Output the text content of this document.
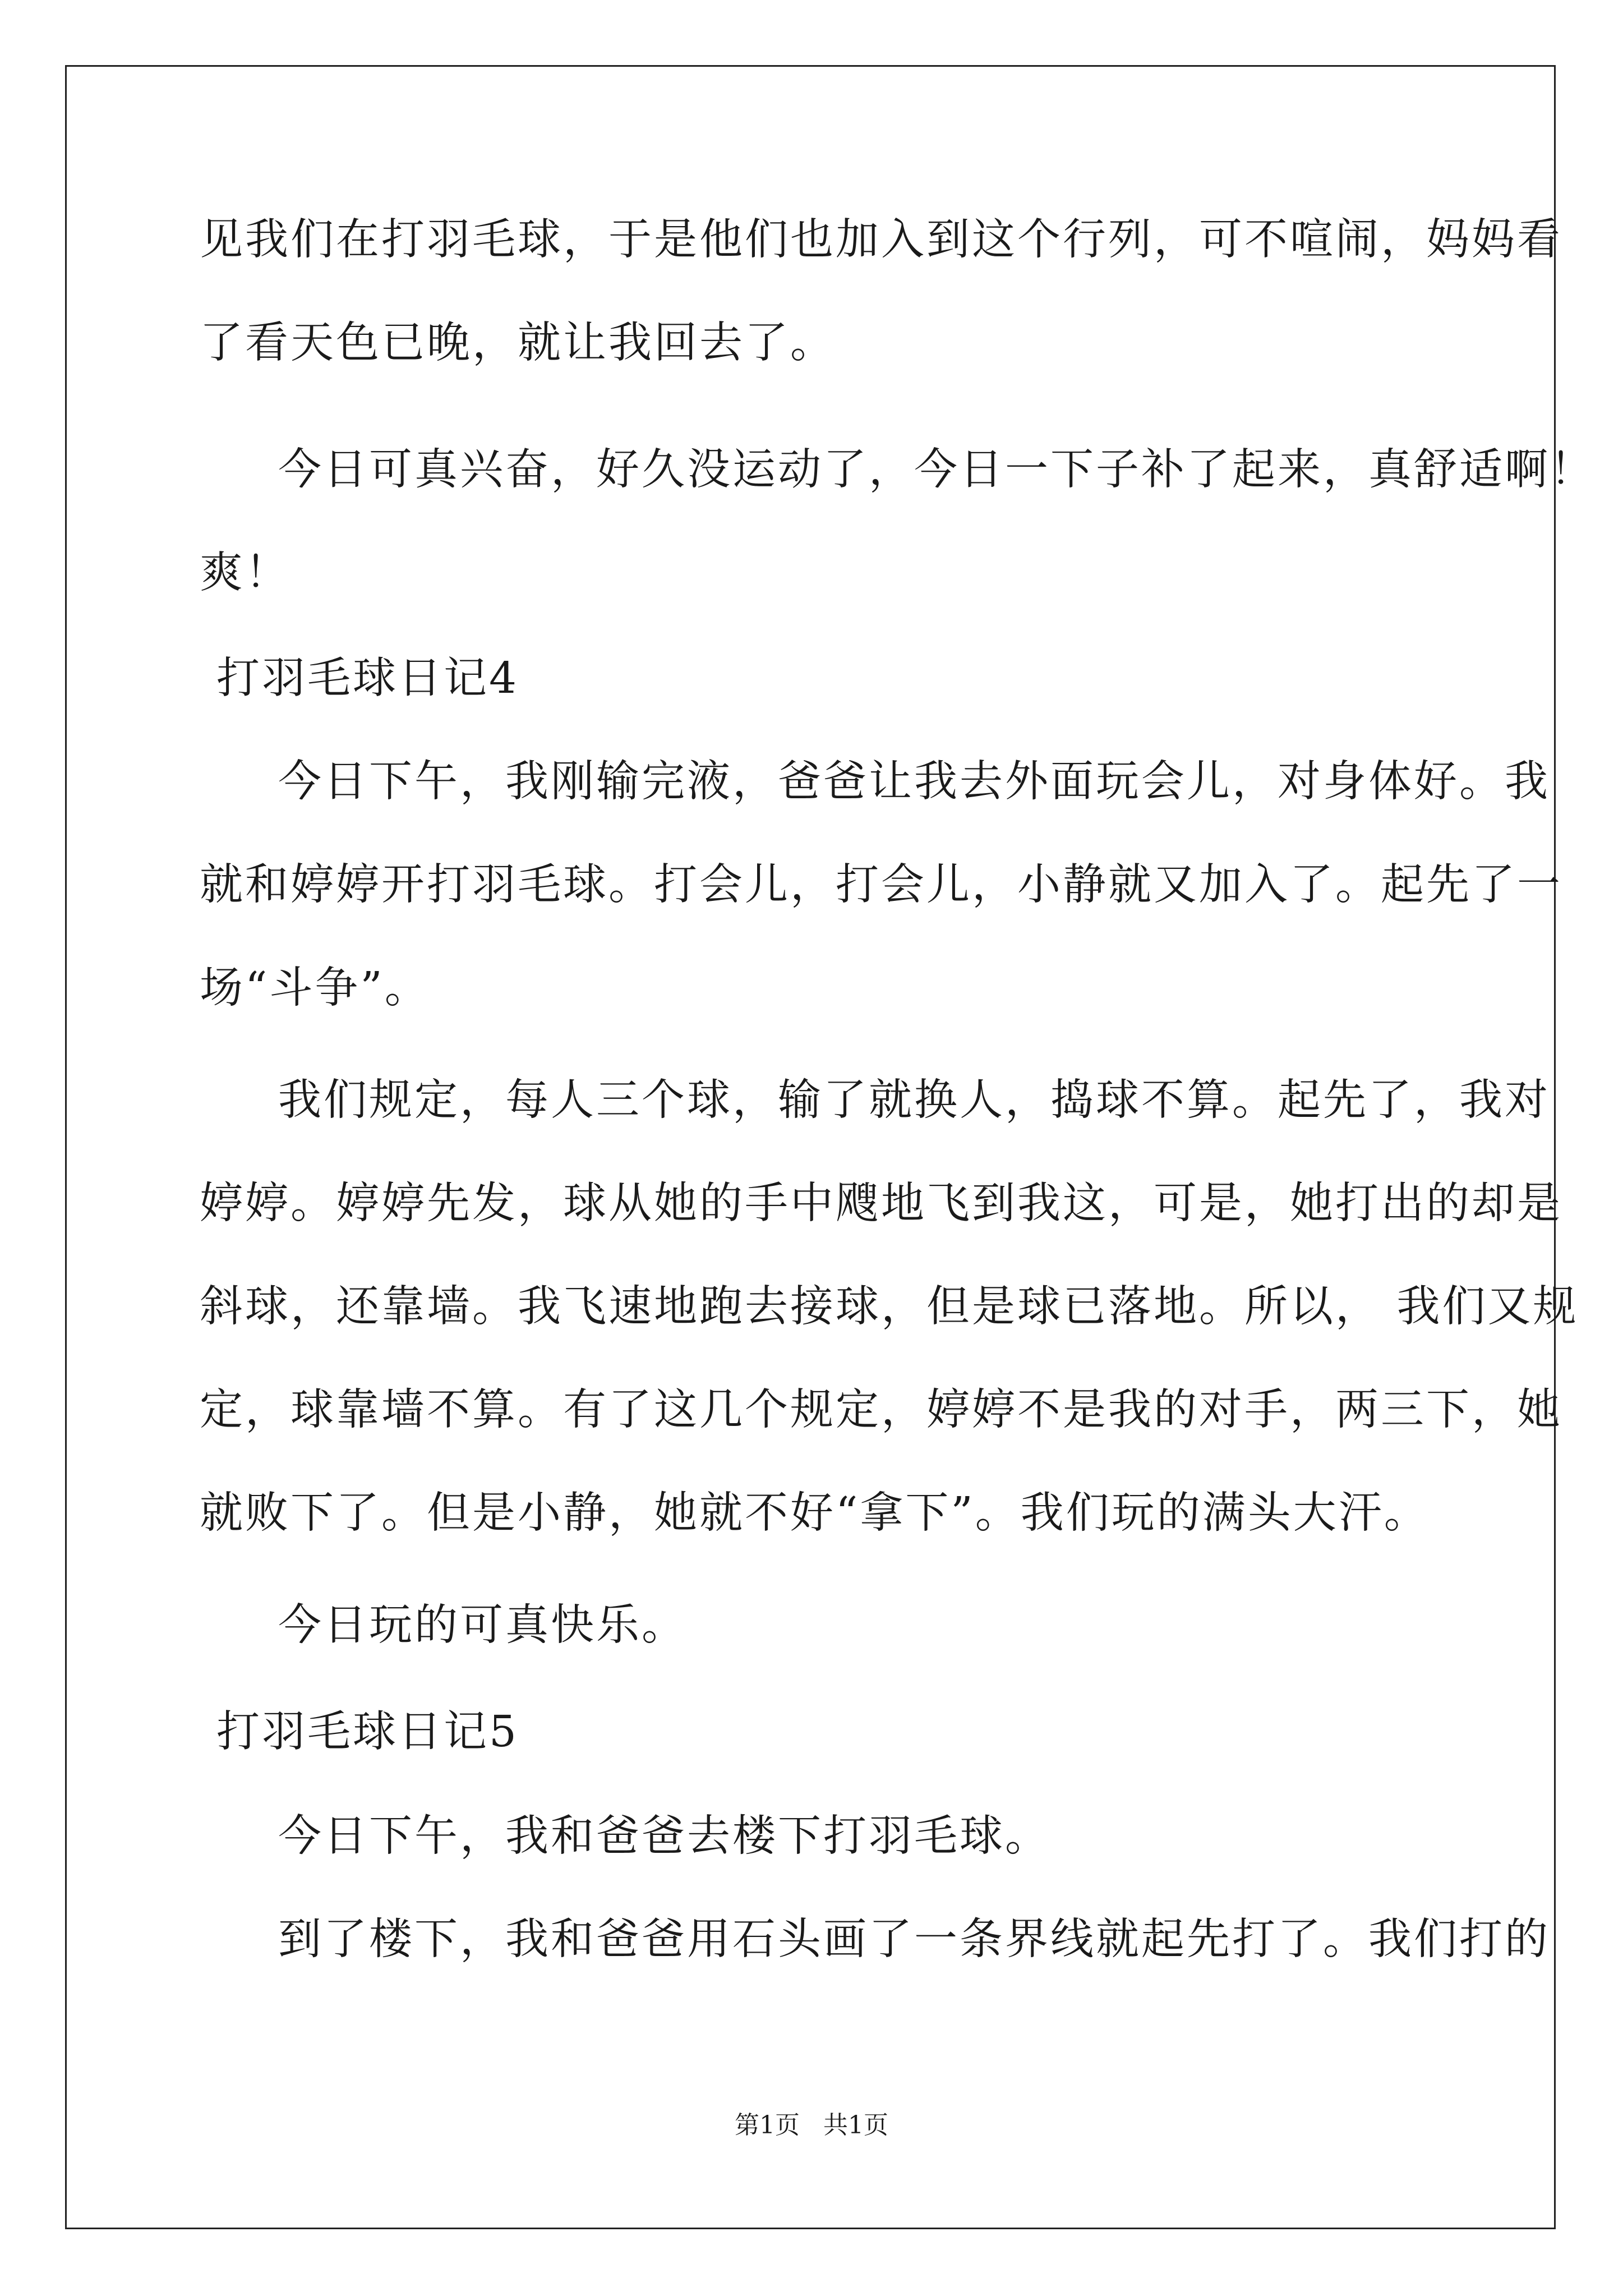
见我们在打羽毛球，于是他们也加入到这个行列，可不喧闹，妈妈看
了看天色已晚，就让我回去了。
今日可真兴奋，好久没运动了，今日一下子补了起来，真舒适啊！
爽！
打羽毛球日记4
今日下午，我刚输完液，爸爸让我去外面玩会儿，对身体好。我
就和婷婷开打羽毛球。打会儿，打会儿，小静就又加入了。起先了一
场“斗争”。
我们规定，每人三个球，输了就换人，捣球不算。起先了，我对
婷婷。婷婷先发，球从她的手中飕地飞到我这，可是，她打出的却是
斜球，还靠墙。我飞速地跑去接球，但是球已落地。所以， 我们又规
定，球靠墙不算。有了这几个规定，婷婷不是我的对手，两三下，她
就败下了。但是小静，她就不好“拿下”。我们玩的满头大汗。
今日玩的可真快乐。
打羽毛球日记5
今日下午，我和爸爸去楼下打羽毛球。
到了楼下，我和爸爸用石头画了一条界线就起先打了。我们打的
第1页   共1页
